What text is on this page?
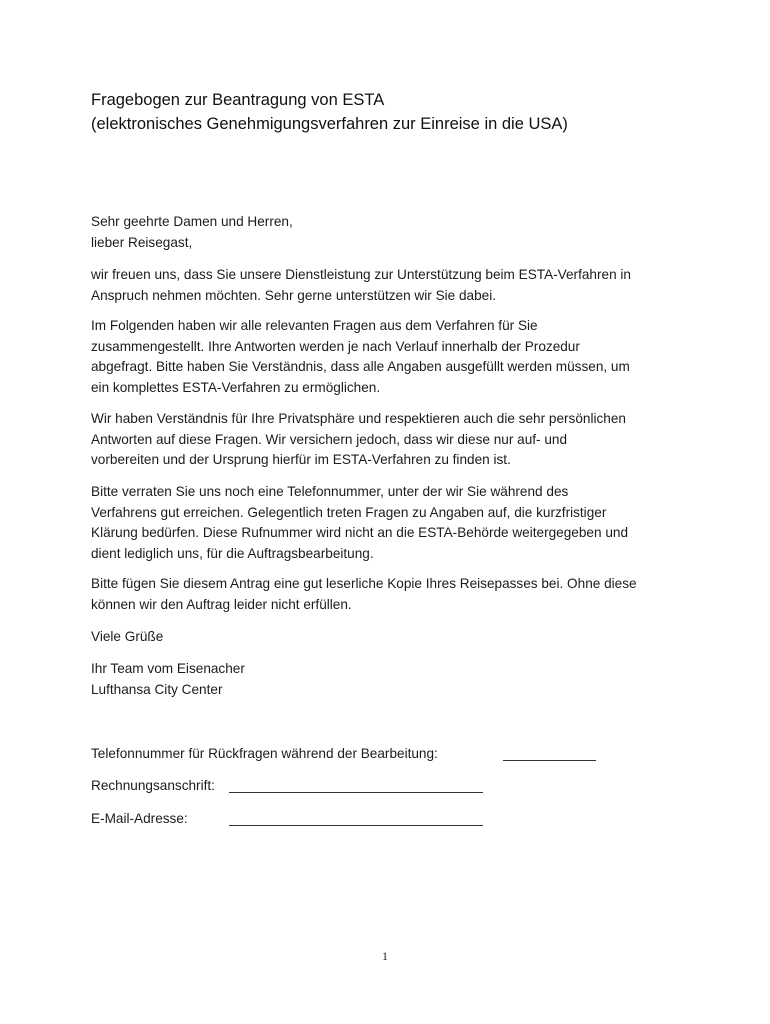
Fragebogen zur Beantragung von ESTA
(elektronisches Genehmigungsverfahren zur Einreise in die USA)
Sehr geehrte Damen und Herren,
lieber Reisegast,
wir freuen uns, dass Sie unsere Dienstleistung zur Unterstützung beim ESTA-Verfahren in
Anspruch nehmen möchten. Sehr gerne unterstützen wir Sie dabei.
Im Folgenden haben wir alle relevanten Fragen aus dem Verfahren für Sie
zusammengestellt. Ihre Antworten werden je nach Verlauf innerhalb der Prozedur
abgefragt. Bitte haben Sie Verständnis, dass alle Angaben ausgefüllt werden müssen, um
ein komplettes ESTA-Verfahren zu ermöglichen.
Wir haben Verständnis für Ihre Privatsphäre und respektieren auch die sehr persönlichen
Antworten auf diese Fragen. Wir versichern jedoch, dass wir diese nur auf- und
vorbereiten und der Ursprung hierfür im ESTA-Verfahren zu finden ist.
Bitte verraten Sie uns noch eine Telefonnummer, unter der wir Sie während des
Verfahrens gut erreichen. Gelegentlich treten Fragen zu Angaben auf, die kurzfristiger
Klärung bedürfen. Diese Rufnummer wird nicht an die ESTA-Behörde weitergegeben und
dient lediglich uns, für die Auftragsbearbeitung.
Bitte fügen Sie diesem Antrag eine gut leserliche Kopie Ihres Reisepasses bei. Ohne diese
können wir den Auftrag leider nicht erfüllen.
Viele Grüße
Ihr Team vom Eisenacher
Lufthansa City Center
Telefonnummer für Rückfragen während der Bearbeitung:
Rechnungsanschrift:
E-Mail-Adresse:
1
